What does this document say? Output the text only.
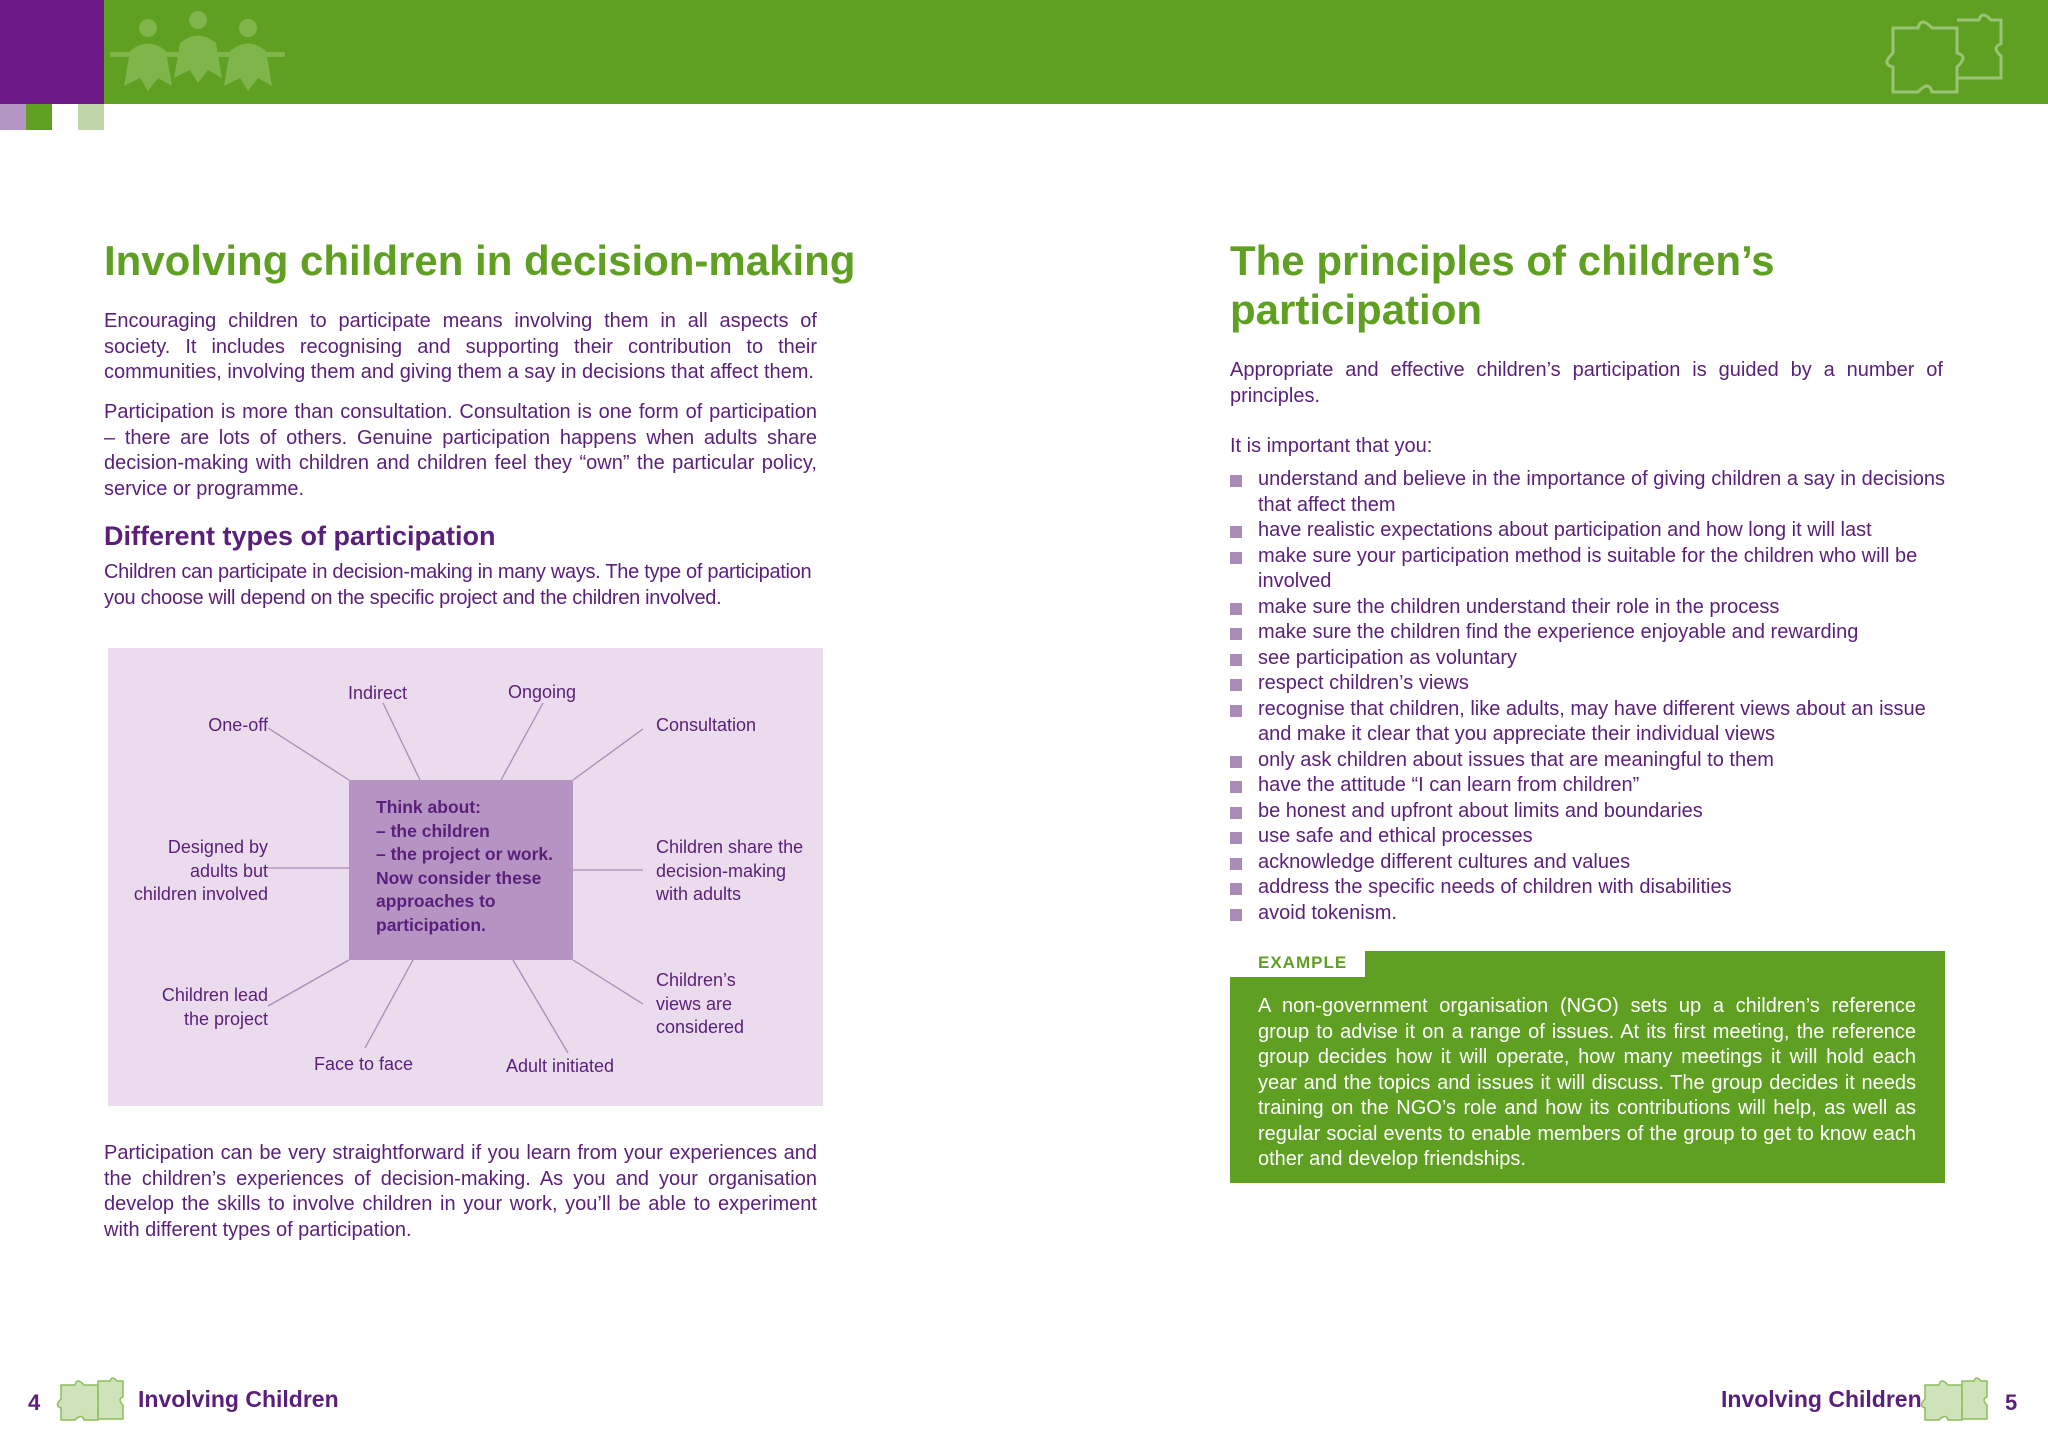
Involving children in decision-making

Encouraging children to participate means involving them in all aspects of society. It includes recognising and supporting their contribution to their communities, involving them and giving them a say in decisions that affect them.

Participation is more than consultation. Consultation is one form of participation – there are lots of others. Genuine participation happens when adults share decision-making with children and children feel they “own” the particular policy, service or programme.

Different types of participation

Children can participate in decision-making in many ways. The type of participation you choose will depend on the specific project and the children involved.

Think about:
– the children
– the project or work.
Now consider these
approaches to
participation.
Indirect	Ongoing
One-off	Consultation
Designed by
adults but
children involved
Children share the
decision-making
with adults
Children lead
the project
Children’s
views are
considered
Face to face	Adult initiated

Participation can be very straightforward if you learn from your experiences and the children’s experiences of decision-making. As you and your organisation develop the skills to involve children in your work, you’ll be able to experiment with different types of participation.

The principles of children’s
participation

Appropriate and effective children’s participation is guided by a number of principles.

It is important that you:

understand and believe in the importance of giving children a say in decisions that affect them
have realistic expectations about participation and how long it will last
make sure your participation method is suitable for the children who will be involved
make sure the children understand their role in the process
make sure the children find the experience enjoyable and rewarding
see participation as voluntary
respect children’s views
recognise that children, like adults, may have different views about an issue and make it clear that you appreciate their individual views
only ask children about issues that are meaningful to them
have the attitude “I can learn from children”
be honest and upfront about limits and boundaries
use safe and ethical processes
acknowledge different cultures and values
address the specific needs of children with disabilities
avoid tokenism.
EXAMPLE

A non-government organisation (NGO) sets up a children’s reference group to advise it on a range of issues. At its first meeting, the reference group decides how it will operate, how many meetings it will hold each year and the topics and issues it will discuss. The group decides it needs training on the NGO’s role and how its contributions will help, as well as regular social events to enable members of the group to get to know each other and develop friendships.

4	Involving Children	Involving Children	5
